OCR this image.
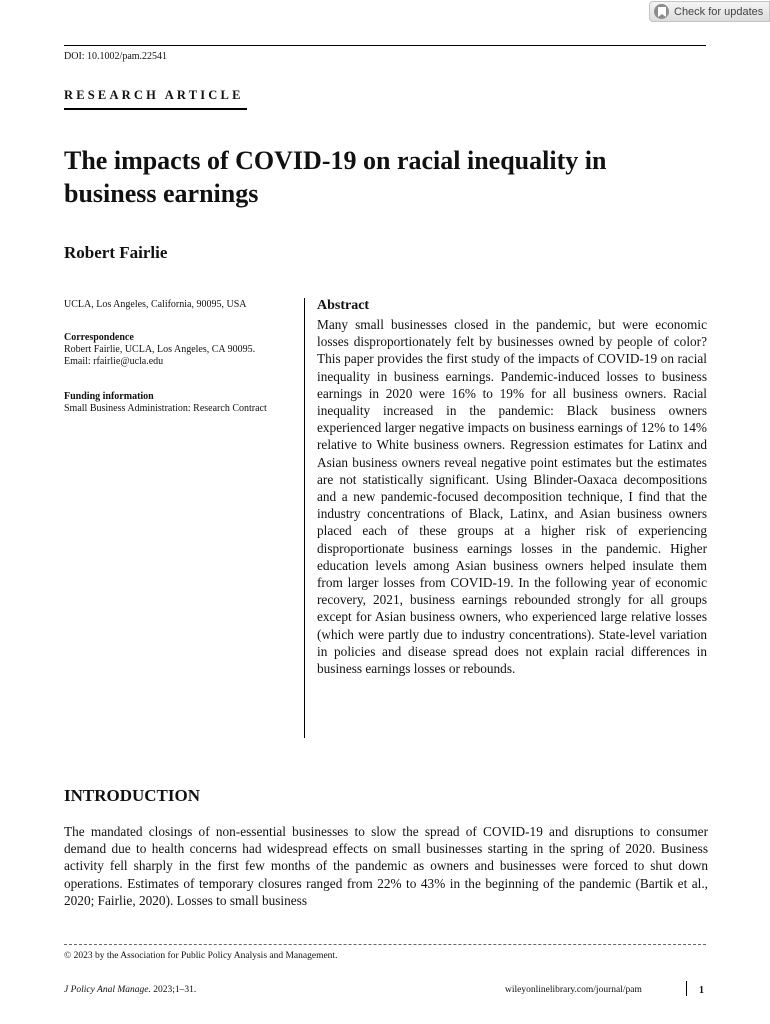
Check for updates
DOI: 10.1002/pam.22541
RESEARCH ARTICLE
The impacts of COVID-19 on racial inequality in business earnings
Robert Fairlie
UCLA, Los Angeles, California, 90095, USA
Correspondence
Robert Fairlie, UCLA, Los Angeles, CA 90095.
Email: rfairlie@ucla.edu
Funding information
Small Business Administration: Research Contract
Abstract

Many small businesses closed in the pandemic, but were economic losses disproportionately felt by businesses owned by people of color? This paper provides the first study of the impacts of COVID-19 on racial inequality in business earnings. Pandemic-induced losses to business earnings in 2020 were 16% to 19% for all business owners. Racial inequality increased in the pandemic: Black business owners experienced larger negative impacts on business earnings of 12% to 14% relative to White business owners. Regression estimates for Latinx and Asian business owners reveal negative point estimates but the estimates are not statistically significant. Using Blinder-Oaxaca decompositions and a new pandemic-focused decomposition technique, I find that the industry concentrations of Black, Latinx, and Asian business owners placed each of these groups at a higher risk of experiencing disproportionate business earnings losses in the pandemic. Higher education levels among Asian business owners helped insulate them from larger losses from COVID-19. In the following year of economic recovery, 2021, business earnings rebounded strongly for all groups except for Asian business owners, who experienced large relative losses (which were partly due to industry concentrations). State-level variation in policies and disease spread does not explain racial differences in business earnings losses or rebounds.

INTRODUCTION

The mandated closings of non-essential businesses to slow the spread of COVID-19 and disruptions to consumer demand due to health concerns had widespread effects on small businesses starting in the spring of 2020. Business activity fell sharply in the first few months of the pandemic as owners and businesses were forced to shut down operations. Estimates of temporary closures ranged from 22% to 43% in the beginning of the pandemic (Bartik et al., 2020; Fairlie, 2020). Losses to small business

© 2023 by the Association for Public Policy Analysis and Management.
J Policy Anal Manage. 2023;1–31.	wileyonlinelibrary.com/journal/pam	1
